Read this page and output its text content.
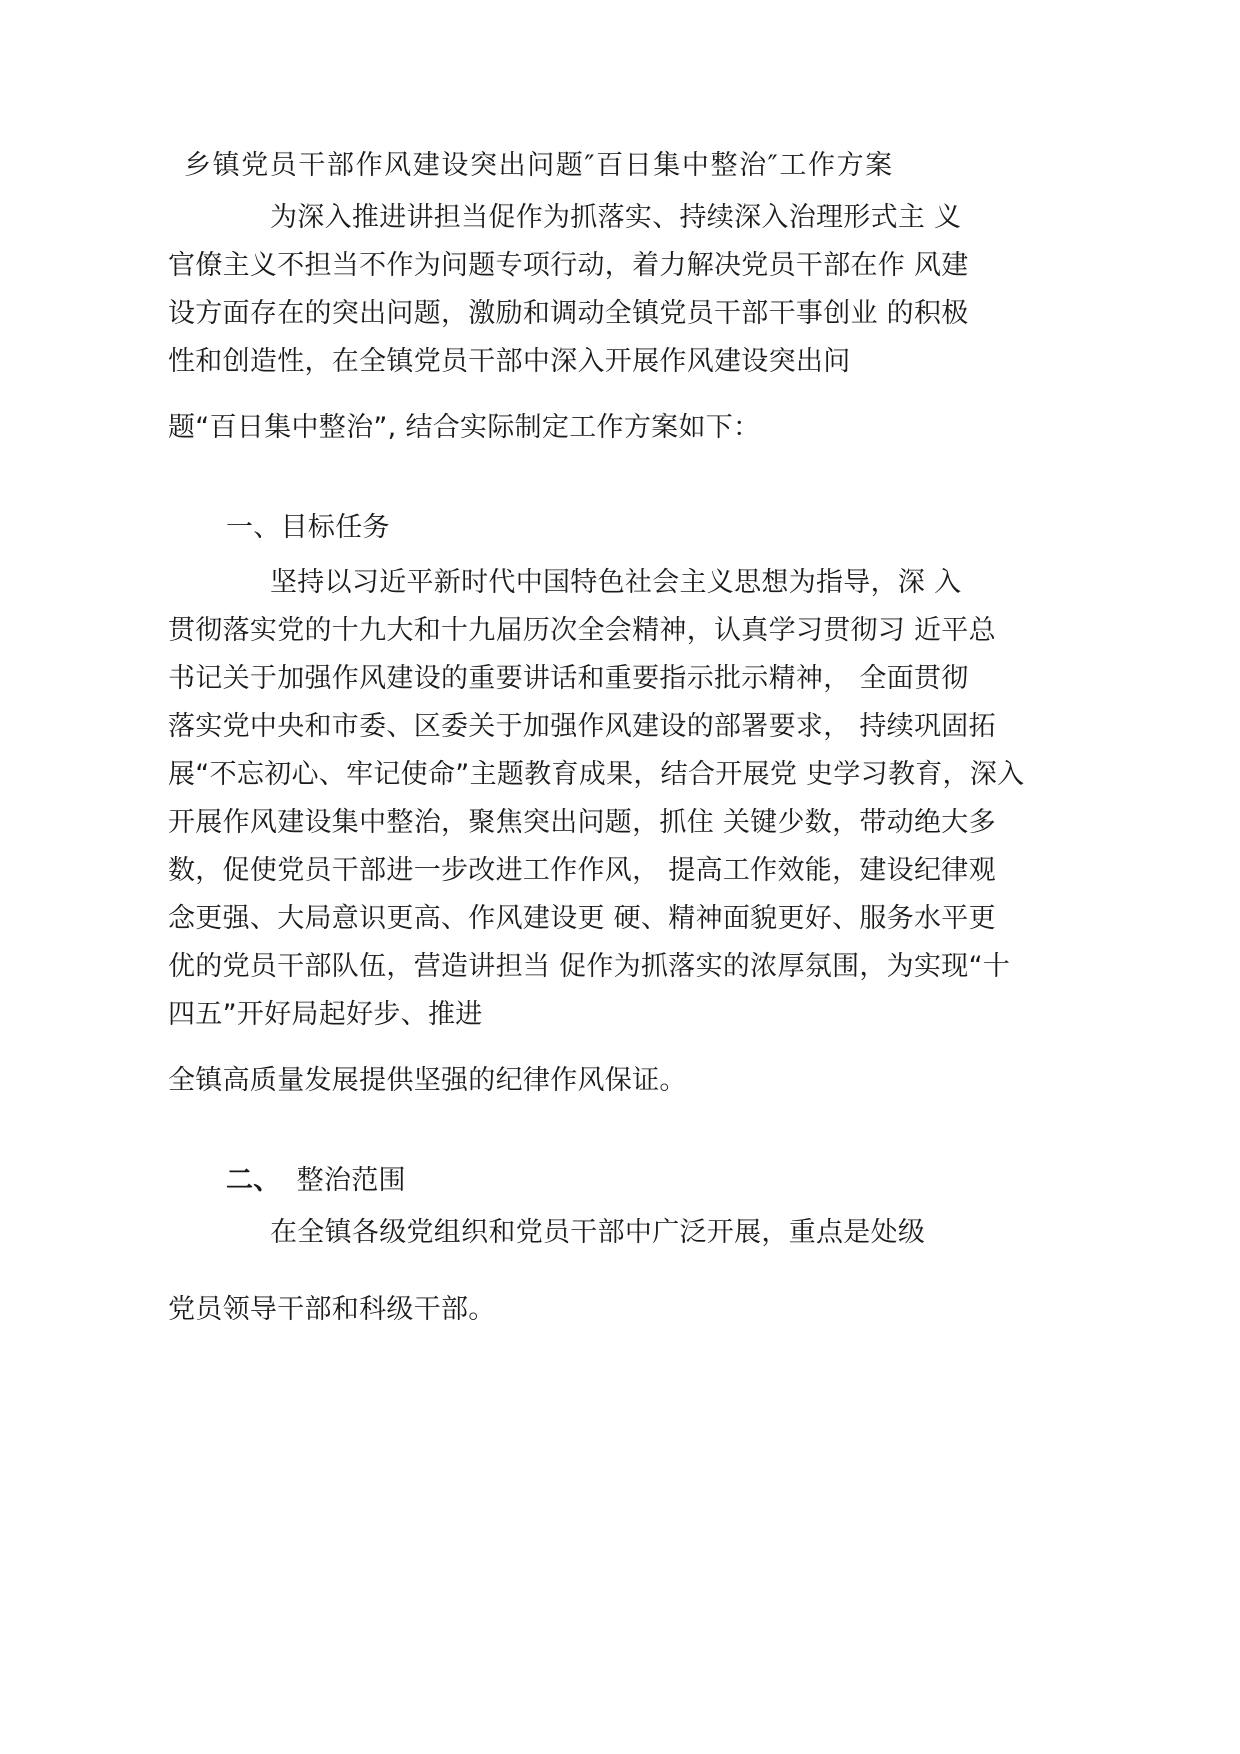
乡镇党员干部作风建设突出问题″百日集中整治″工作方案
为深入推进讲担当促作为抓落实、持续深入治理形式主 义
官僚主义不担当不作为问题专项行动，着力解决党员干部在作 风建
设方面存在的突出问题，激励和调动全镇党员干部干事创业 的积极
性和创造性，在全镇党员干部中深入开展作风建设突出问
题“百日集中整治”, 结合实际制定工作方案如下：
一、目标任务
坚持以习近平新时代中国特色社会主义思想为指导，深 入
贯彻落实党的十九大和十九届历次全会精神，认真学习贯彻习 近平总
书记关于加强作风建设的重要讲话和重要指示批示精神， 全面贯彻
落实党中央和市委、区委关于加强作风建设的部署要求， 持续巩固拓
展“不忘初心、牢记使命”主题教育成果，结合开展党 史学习教育，深入
开展作风建设集中整治，聚焦突出问题，抓住 关键少数，带动绝大多
数，促使党员干部进一步改进工作作风， 提高工作效能，建设纪律观
念更强、大局意识更高、作风建设更 硬、精神面貌更好、服务水平更
优的党员干部队伍，营造讲担当 促作为抓落实的浓厚氛围，为实现“十
四五”开好局起好步、推进
全镇高质量发展提供坚强的纪律作风保证。
二、 整治范围
在全镇各级党组织和党员干部中广泛开展，重点是处级
党员领导干部和科级干部。
